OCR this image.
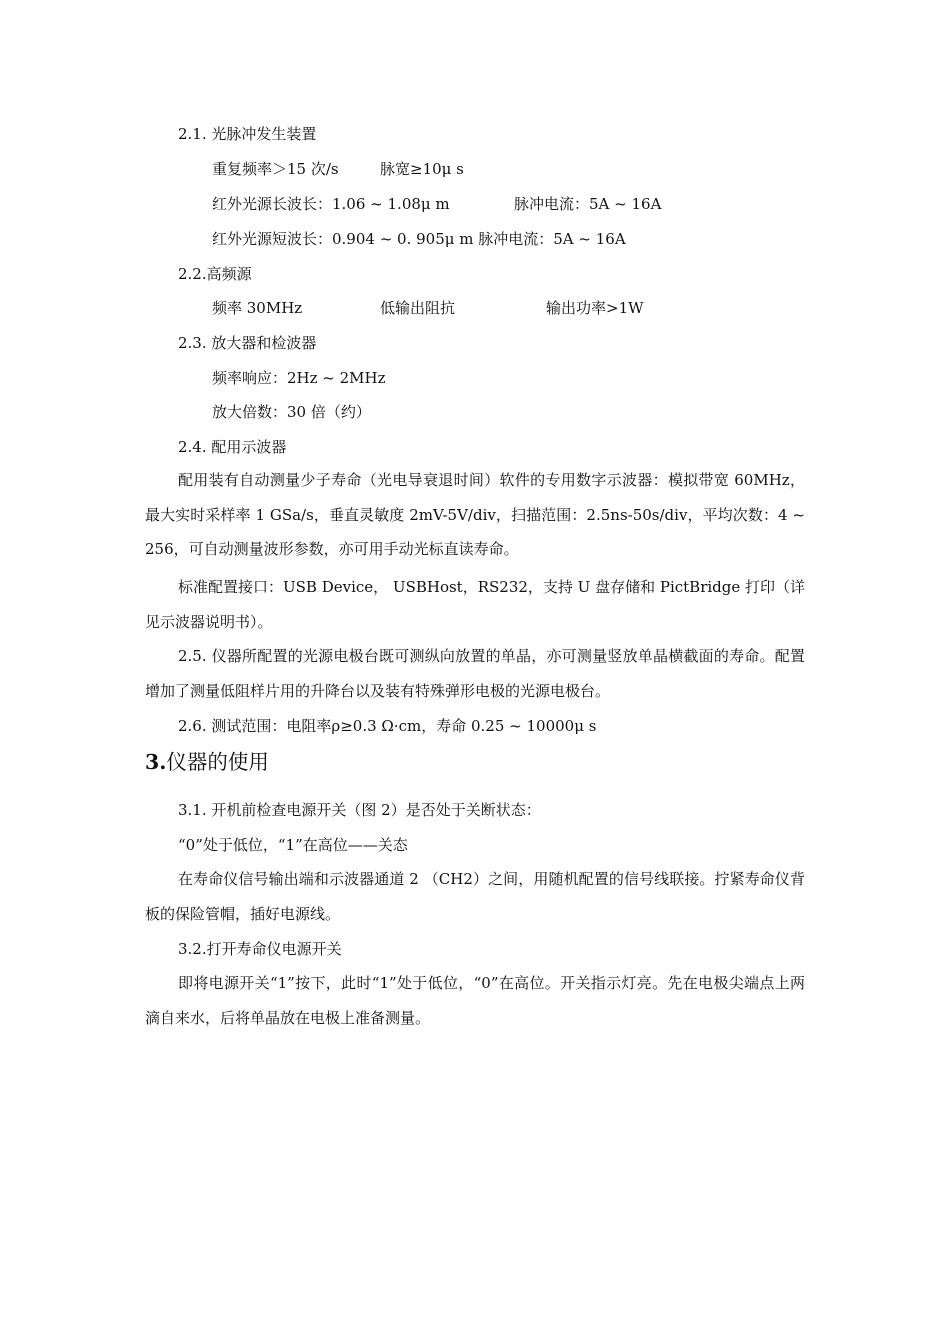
2.1. 光脉冲发生装置
重复频率＞15 次/s	脉宽≥10μ s
红外光源长波长：1.06 ~ 1.08μ m	脉冲电流：5A ~ 16A
红外光源短波长：0.904 ~ 0. 905μ m 脉冲电流：5A ~ 16A
2.2.高频源
频率 30MHz	低输出阻抗	输出功率>1W
2.3. 放大器和检波器
频率响应：2Hz ~ 2MHz
放大倍数：30 倍（约）
2.4. 配用示波器
配用装有自动测量少子寿命（光电导衰退时间）软件的专用数字示波器：模拟带宽 60MHz，最大实时采样率 1 GSa/s，垂直灵敏度 2mV-5V/div，扫描范围：2.5ns-50s/div，平均次数：4 ~ 256，可自动测量波形参数，亦可用手动光标直读寿命。
标准配置接口：USB Device， USBHost，RS232，支持 U 盘存储和 PictBridge 打印（详见示波器说明书）。
2.5. 仪器所配置的光源电极台既可测纵向放置的单晶，亦可测量竖放单晶横截面的寿命。配置增加了测量低阻样片用的升降台以及装有特殊弹形电极的光源电极台。
2.6. 测试范围：电阻率ρ≥0.3 Ω·cm，寿命 0.25 ~ 10000μ s
3.仪器的使用
3.1. 开机前检查电源开关（图 2）是否处于关断状态：
“0”处于低位，“1”在高位——关态
在寿命仪信号输出端和示波器通道 2 （CH2）之间，用随机配置的信号线联接。拧紧寿命仪背板的保险管帽，插好电源线。
3.2.打开寿命仪电源开关
即将电源开关“1”按下，此时“1”处于低位，“0”在高位。开关指示灯亮。先在电极尖端点上两滴自来水，后将单晶放在电极上准备测量。
